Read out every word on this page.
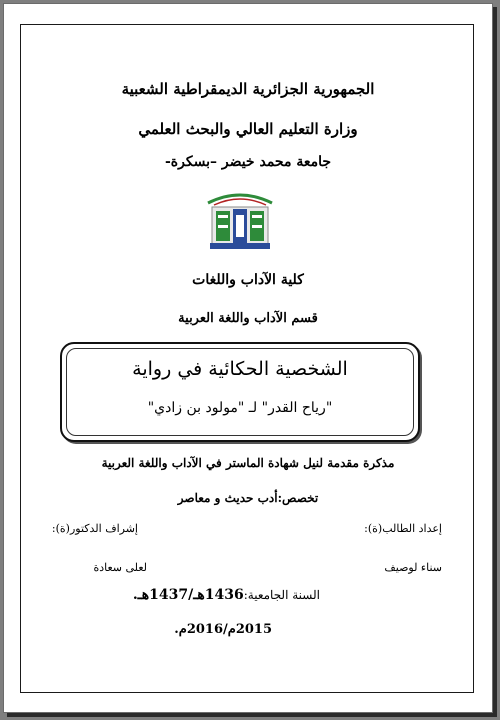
الجمهورية الجزائرية الديمقراطية الشعبية
وزارة التعليم العالي والبحث العلمي
جامعة محمد خيضر –بسكرة-
كلية الآداب واللغات
قسم الآداب واللغة العربية
الشخصية الحكائية في رواية
"رياح القدر" لـ "مولود بن زادي"
مذكرة مقدمة لنيل شهادة الماستر في الآداب واللغة العربية
تخصص:أدب حديث و معاصر
إعداد الطالب(ة):
إشراف الدكتور(ة):
سناء لوصيف
لعلى سعادة
السنة الجامعية:1436هـ/1437هـ.
2015م/2016م.
